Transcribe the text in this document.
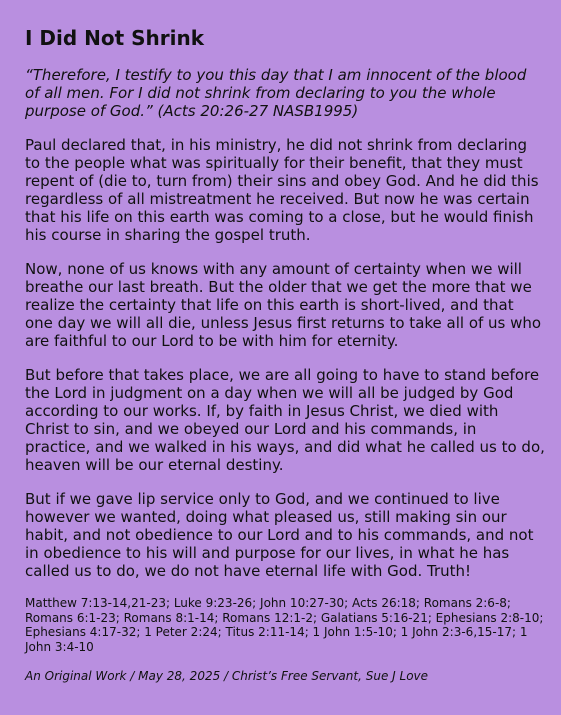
I Did Not Shrink

“Therefore, I testify to you this day that I am innocent of the blood of all men. For I did not shrink from declaring to you the whole purpose of God.” (Acts 20:26-27 NASB1995)

Paul declared that, in his ministry, he did not shrink from declaring to the people what was spiritually for their benefit, that they must repent of (die to, turn from) their sins and obey God. And he did this regardless of all mistreatment he received. But now he was certain that his life on this earth was coming to a close, but he would finish his course in sharing the gospel truth.

Now, none of us knows with any amount of certainty when we will breathe our last breath. But the older that we get the more that we realize the certainty that life on this earth is short-lived, and that one day we will all die, unless Jesus first returns to take all of us who are faithful to our Lord to be with him for eternity.

But before that takes place, we are all going to have to stand before the Lord in judgment on a day when we will all be judged by God according to our works. If, by faith in Jesus Christ, we died with Christ to sin, and we obeyed our Lord and his commands, in practice, and we walked in his ways, and did what he called us to do, heaven will be our eternal destiny.

But if we gave lip service only to God, and we continued to live however we wanted, doing what pleased us, still making sin our habit, and not obedience to our Lord and to his commands, and not in obedience to his will and purpose for our lives, in what he has called us to do, we do not have eternal life with God. Truth!

Matthew 7:13-14,21-23; Luke 9:23-26; John 10:27-30; Acts 26:18; Romans 2:6-8; Romans 6:1-23; Romans 8:1-14; Romans 12:1-2; Galatians 5:16-21; Ephesians 2:8-10; Ephesians 4:17-32; 1 Peter 2:24; Titus 2:11-14; 1 John 1:5-10; 1 John 2:3-6,15-17; 1 John 3:4-10

An Original Work / May 28, 2025 / Christ’s Free Servant, Sue J Love
